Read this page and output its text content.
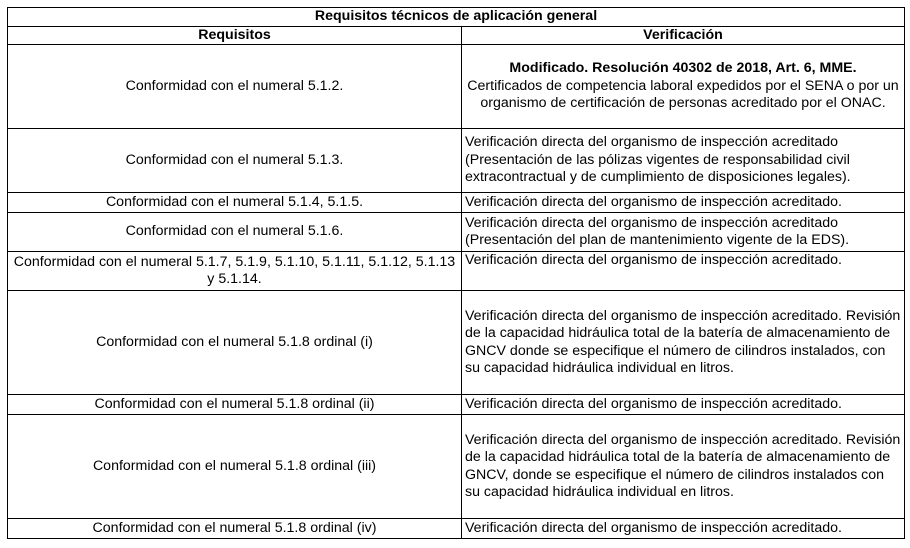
Requisitos técnicos de aplicación general	
Requisitos	Verificación
Conformidad con el numeral 5.1.2.	Modificado. Resolución 40302 de 2018, Art. 6, MME.
Certificados de competencia laboral expedidos por el SENA o por un organismo de certificación de personas acreditado por el ONAC.
Conformidad con el numeral 5.1.3.	Verificación directa del organismo de inspección acreditado (Presentación de las pólizas vigentes de responsabilidad civil extracontractual y de cumplimiento de disposiciones legales).
Conformidad con el numeral 5.1.4, 5.1.5.	Verificación directa del organismo de inspección acreditado.
Conformidad con el numeral 5.1.6.	Verificación directa del organismo de inspección acreditado (Presentación del plan de mantenimiento vigente de la EDS).
Conformidad con el numeral 5.1.7, 5.1.9, 5.1.10, 5.1.11, 5.1.12, 5.1.13 y 5.1.14.	Verificación directa del organismo de inspección acreditado.
Conformidad con el numeral 5.1.8 ordinal (i)	Verificación directa del organismo de inspección acreditado. Revisión de la capacidad hidráulica total de la batería de almacenamiento de GNCV donde se especifique el número de cilindros instalados, con su capacidad hidráulica individual en litros.
Conformidad con el numeral 5.1.8 ordinal (ii)	Verificación directa del organismo de inspección acreditado.
Conformidad con el numeral 5.1.8 ordinal (iii)	Verificación directa del organismo de inspección acreditado. Revisión de la capacidad hidráulica total de la batería de almacenamiento de GNCV, donde se especifique el número de cilindros instalados con su capacidad hidráulica individual en litros.
Conformidad con el numeral 5.1.8 ordinal (iv)	Verificación directa del organismo de inspección acreditado.
